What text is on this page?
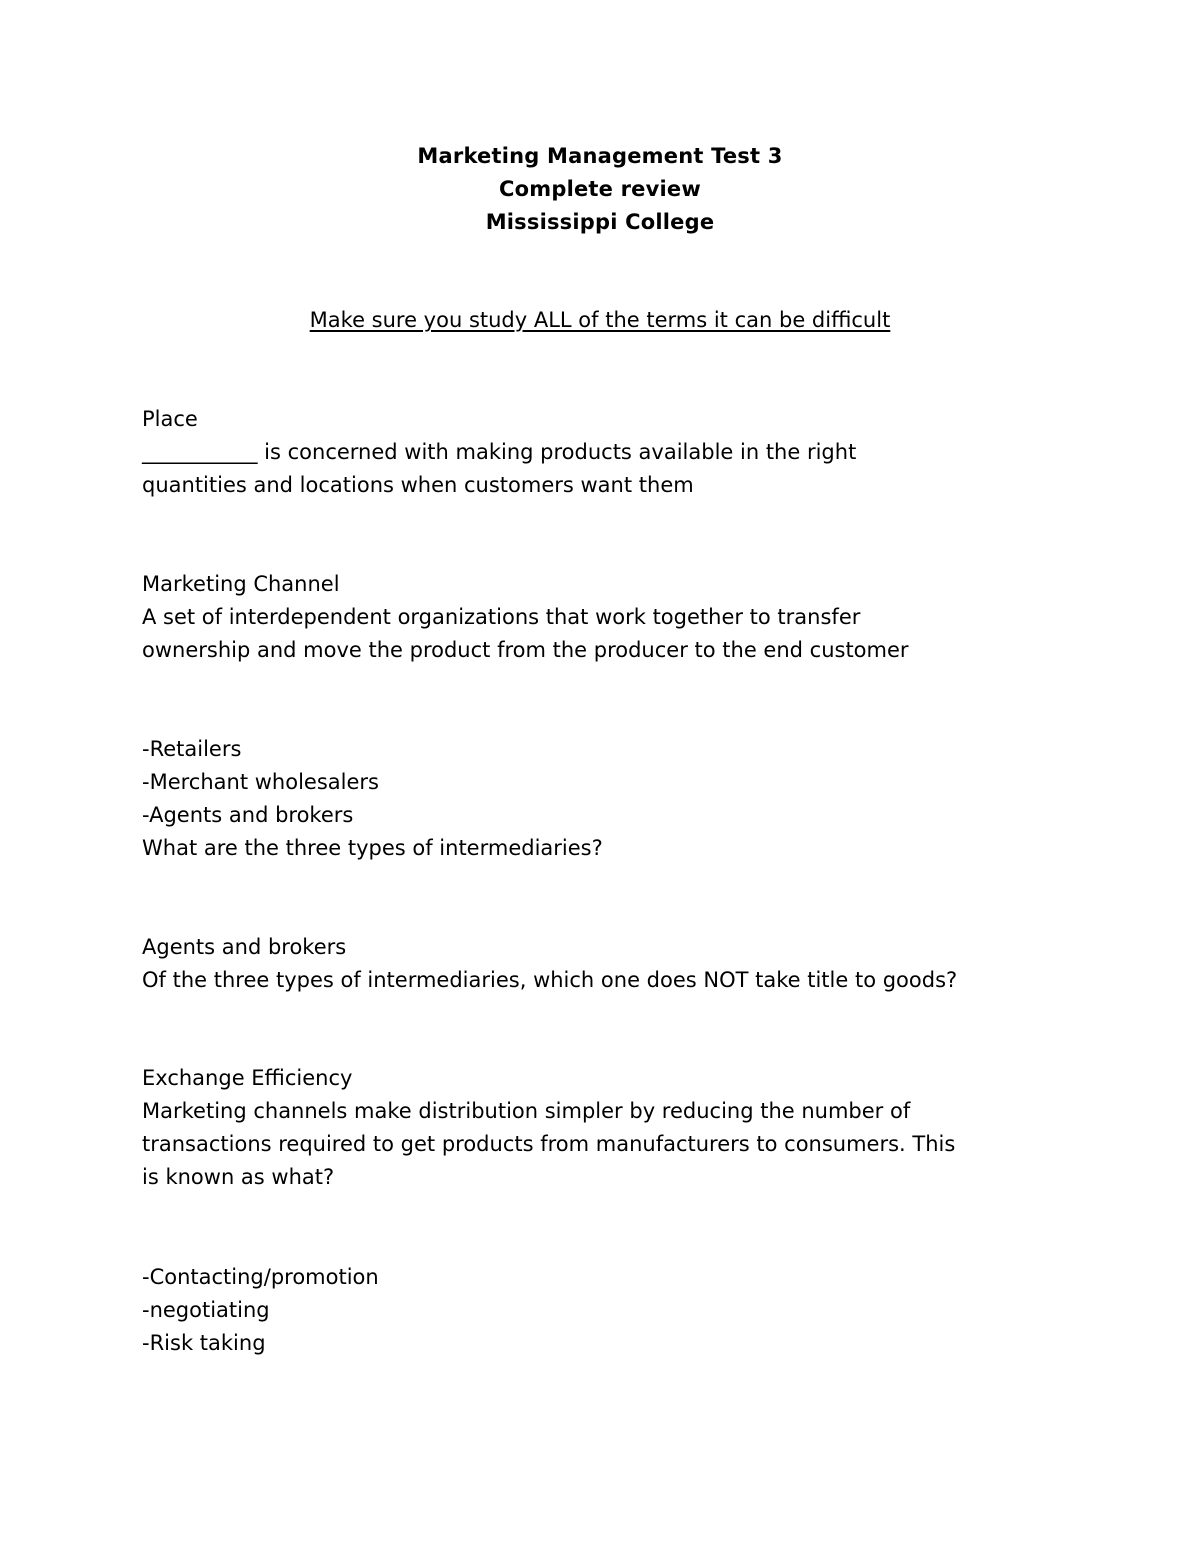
Marketing Management Test 3
Complete review
Mississippi College
Make sure you study ALL of the terms it can be difficult
Place
___________ is concerned with making products available in the right
quantities and locations when customers want them
Marketing Channel
A set of interdependent organizations that work together to transfer
ownership and move the product from the producer to the end customer
-Retailers
-Merchant wholesalers
-Agents and brokers
What are the three types of intermediaries?
Agents and brokers
Of the three types of intermediaries, which one does NOT take title to goods?
Exchange Efficiency
Marketing channels make distribution simpler by reducing the number of
transactions required to get products from manufacturers to consumers. This
is known as what?
-Contacting/promotion
-negotiating
-Risk taking
